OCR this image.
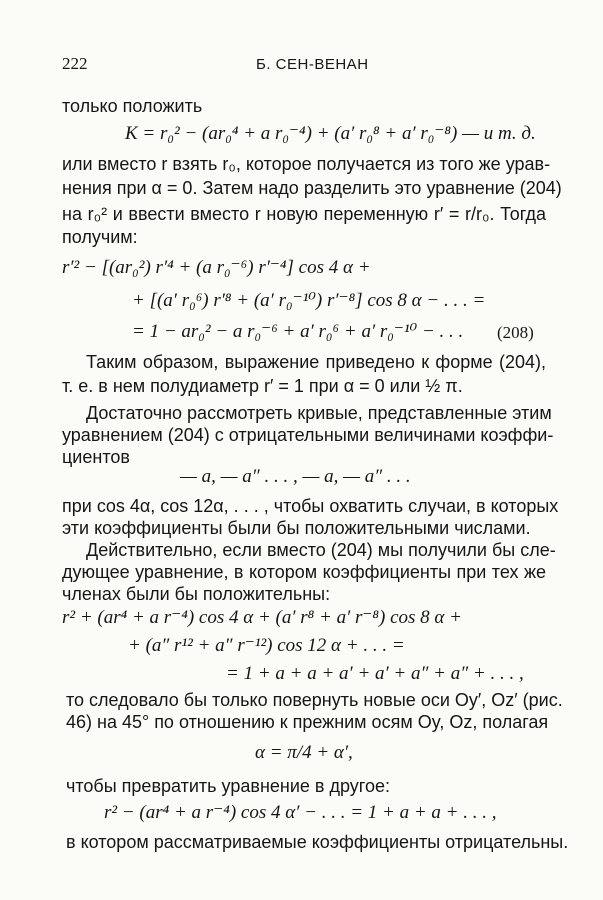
222	Б. СЕН-ВЕНАН
только положить
K = r₀² − (ar₀⁴ + a r₀⁻⁴) + (a′ r₀⁸ + a′ r₀⁻⁸) — и т. д.
или вместо r взять r₀, которое получается из того же урав-
нения при α = 0. Затем надо разделить это уравнение (204)
на r₀² и ввести вместо r новую переменную r′ = r/r₀. Тогда
получим:
r′² − [(ar₀²) r′⁴ + (a r₀⁻⁶) r′⁻⁴] cos 4 α +
+ [(a′ r₀⁶) r′⁸ + (a′ r₀⁻¹⁰) r′⁻⁸] cos 8 α − . . . =
= 1 − ar₀² − a r₀⁻⁶ + a′ r₀⁶ + a′ r₀⁻¹⁰ − . . . (208)
Таким образом, выражение приведено к форме (204),
т. е. в нем полудиаметр r′ = 1 при α = 0 или ½ π.
Достаточно рассмотреть кривые, представленные этим
уравнением (204) с отрицательными величинами коэффи-
циентов
— a, — a″ . . . , — a, — a″ . . .
при cos 4α, cos 12α, . . . , чтобы охватить случаи, в которых
эти коэффициенты были бы положительными числами.
Действительно, если вместо (204) мы получили бы сле-
дующее уравнение, в котором коэффициенты при тех же
членах были бы положительны:
r² + (ar⁴ + a r⁻⁴) cos 4 α + (a′ r⁸ + a′ r⁻⁸) cos 8 α +
+ (a″ r¹² + a″ r⁻¹²) cos 12 α + . . . =
= 1 + a + a + a′ + a′ + a″ + a″ + . . . ,
то следовало бы только повернуть новые оси Oy′, Oz′ (рис.
46) на 45° по отношению к прежним осям Oy, Oz, полагая
α = π/4 + α′,
чтобы превратить уравнение в другое:
r² − (ar⁴ + a r⁻⁴) cos 4 α′ − . . . = 1 + a + a + . . . ,
в котором рассматриваемые коэффициенты отрицательны.
